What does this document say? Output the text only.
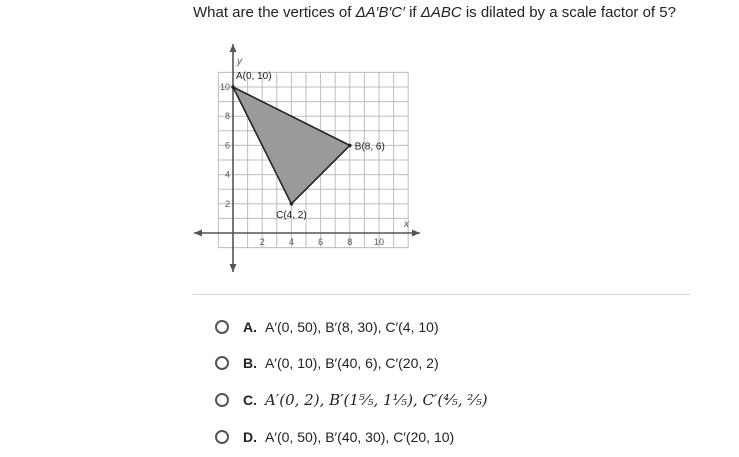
What are the vertices of ΔA′B′C′ if ΔABC is dilated by a scale factor of 5?
x
y
2	4	6	8 10
2
4
6
8
10
A(0, 10)
B(8, 6)
C(4, 2)
A. A′(0, 50), B′(8, 30), C′(4, 10)
B. A′(0, 10), B′(40, 6), C′(20, 2)
C. A′(0, 2), B′(1⁵⁄₅, 1¹⁄₅), C′(⁴⁄₅, ²⁄₅)
D. A′(0, 50), B′(40, 30), C′(20, 10)
